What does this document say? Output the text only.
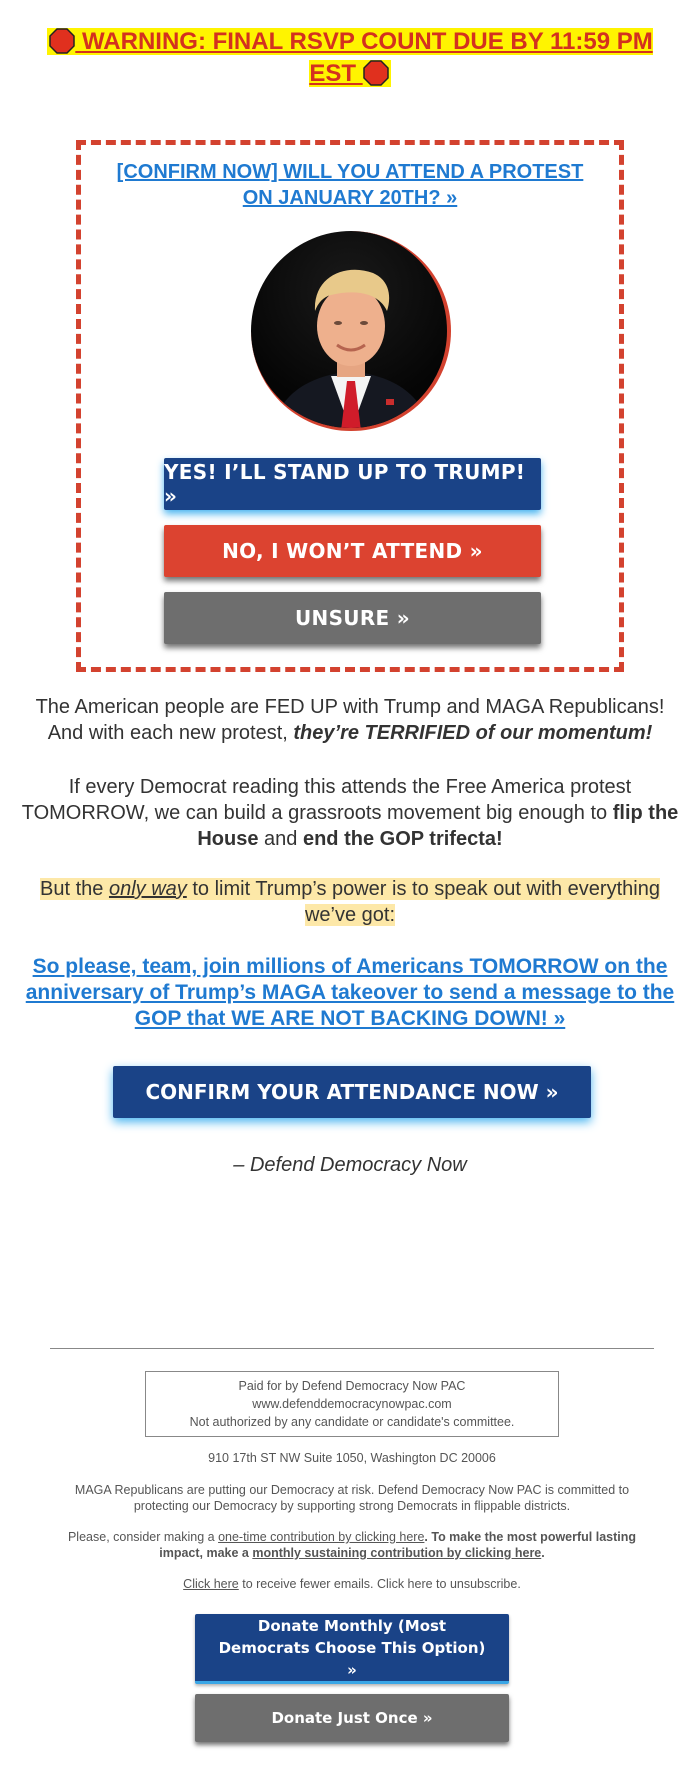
WARNING: FINAL RSVP COUNT DUE BY 11:59 PM EST
[CONFIRM NOW] WILL YOU ATTEND A PROTEST ON JANUARY 20TH? »
YES! I’LL STAND UP TO TRUMP! »
NO, I WON’T ATTEND »
UNSURE »
The American people are FED UP with Trump and MAGA Republicans! And with each new protest, they’re TERRIFIED of our momentum!
If every Democrat reading this attends the Free America protest TOMORROW, we can build a grassroots movement big enough to flip the House and end the GOP trifecta!
But the only way to limit Trump’s power is to speak out with everything we’ve got:
So please, team, join millions of Americans TOMORROW on the anniversary of Trump’s MAGA takeover to send a message to the GOP that WE ARE NOT BACKING DOWN! »
CONFIRM YOUR ATTENDANCE NOW »
– Defend Democracy Now
Paid for by Defend Democracy Now PAC
www.defenddemocracynowpac.com
Not authorized by any candidate or candidate's committee.
910 17th ST NW Suite 1050, Washington DC 20006
MAGA Republicans are putting our Democracy at risk. Defend Democracy Now PAC is committed to protecting our Democracy by supporting strong Democrats in flippable districts.
Please, consider making a one-time contribution by clicking here. To make the most powerful lasting impact, make a monthly sustaining contribution by clicking here.
Click here to receive fewer emails. Click here to unsubscribe.
Donate Monthly (Most Democrats Choose This Option) »
Donate Just Once »
